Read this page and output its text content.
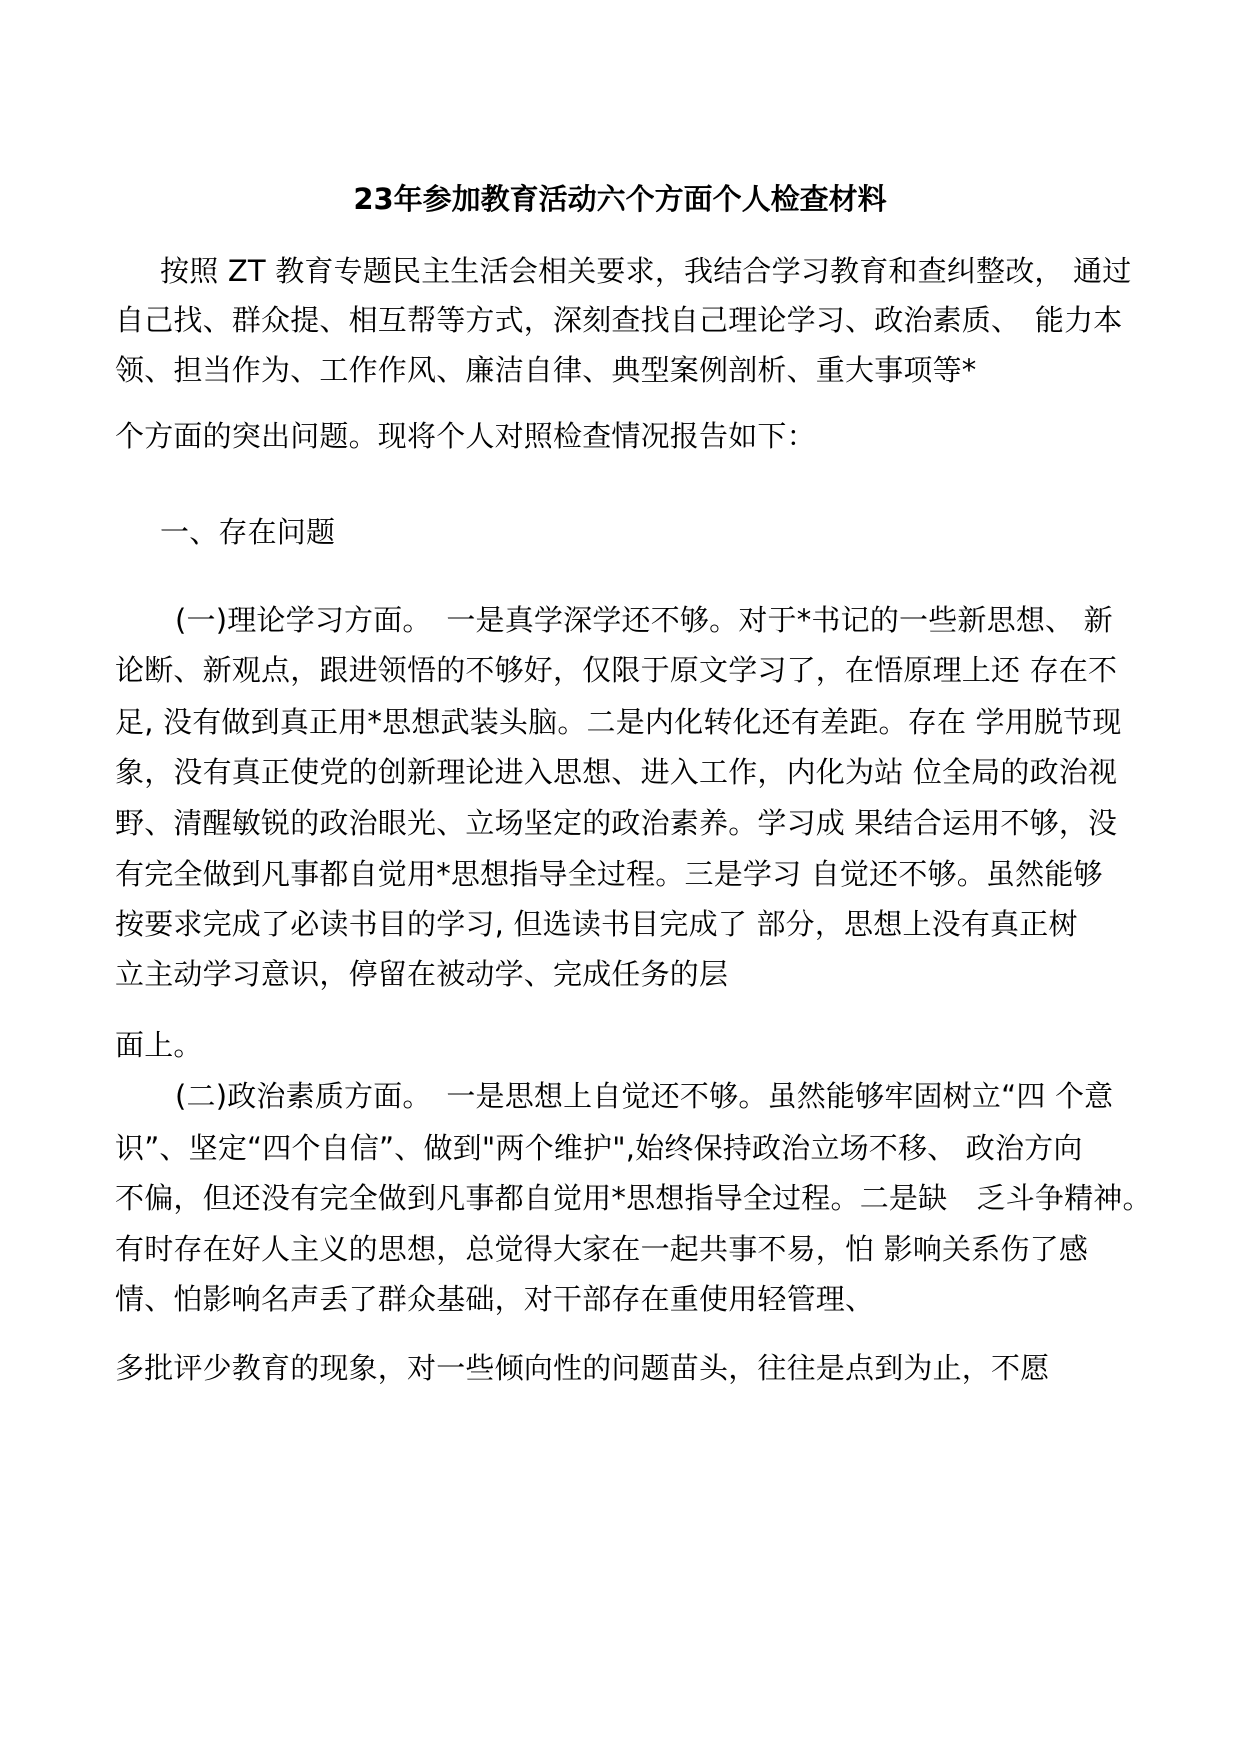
23年参加教育活动六个方面个人检查材料

按照 ZT 教育专题民主生活会相关要求，我结合学习教育和查纠整改， 通过

自己找、群众提、相互帮等方式，深刻查找自己理论学习、政治素质、　能力本

领、担当作为、工作作风、廉洁自律、典型案例剖析、重大事项等*

个方面的突出问题。现将个人对照检查情况报告如下：

一、存在问题

(一)理论学习方面。　一是真学深学还不够。对于*书记的一些新思想、 新

论断、新观点，跟进领悟的不够好，仅限于原文学习了，在悟原理上还 存在不

足, 没有做到真正用*思想武装头脑。二是内化转化还有差距。存在 学用脱节现

象，没有真正使党的创新理论进入思想、进入工作，内化为站 位全局的政治视

野、清醒敏锐的政治眼光、立场坚定的政治素养。学习成 果结合运用不够，没

有完全做到凡事都自觉用*思想指导全过程。三是学习 自觉还不够。虽然能够

按要求完成了必读书目的学习, 但选读书目完成了 部分，思想上没有真正树

立主动学习意识，停留在被动学、完成任务的层

面上。

(二)政治素质方面。　一是思想上自觉还不够。虽然能够牢固树立“四 个意

识”、坚定“四个自信”、做到"两个维护",始终保持政治立场不移、 政治方向

不偏，但还没有完全做到凡事都自觉用*思想指导全过程。二是缺　乏斗争精神。

有时存在好人主义的思想，总觉得大家在一起共事不易，怕 影响关系伤了感

情、怕影响名声丢了群众基础，对干部存在重使用轻管理、

多批评少教育的现象，对一些倾向性的问题苗头，往往是点到为止，不愿
